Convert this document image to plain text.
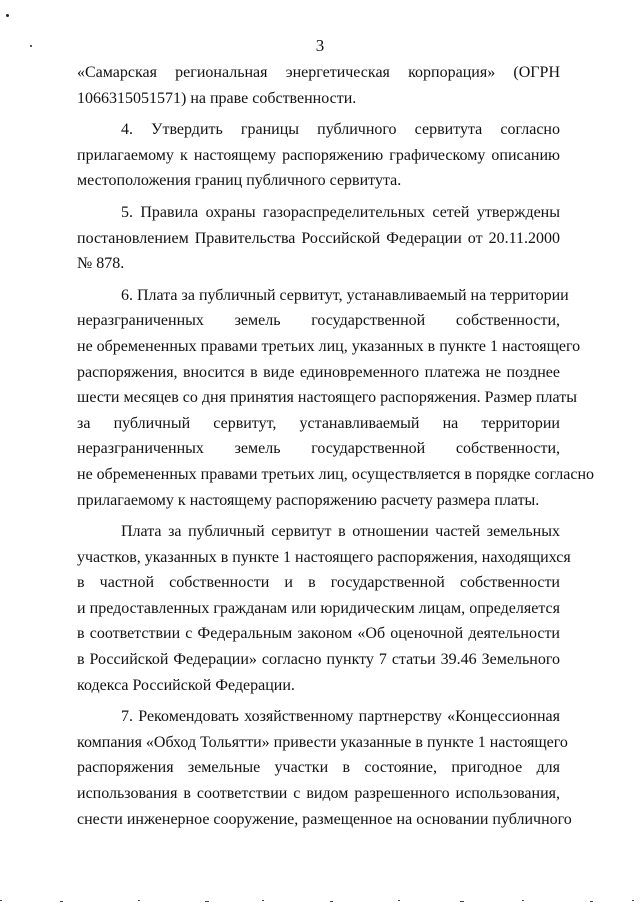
3
«Самарская региональная энергетическая корпорация» (ОГРН
1066315051571) на праве собственности.
4. Утвердить границы публичного сервитута согласно
прилагаемому к настоящему распоряжению графическому описанию
местоположения границ публичного сервитута.
5. Правила охраны газораспределительных сетей утверждены
постановлением Правительства Российской Федерации от 20.11.2000
№ 878.
6. Плата за публичный сервитут, устанавливаемый на территории
неразграниченных земель государственной собственности,
не обремененных правами третьих лиц, указанных в пункте 1 настоящего
распоряжения, вносится в виде единовременного платежа не позднее
шести месяцев со дня принятия настоящего распоряжения. Размер платы
за публичный сервитут, устанавливаемый на территории
неразграниченных земель государственной собственности,
не обремененных правами третьих лиц, осуществляется в порядке согласно
прилагаемому к настоящему распоряжению расчету размера платы.
Плата за публичный сервитут в отношении частей земельных
участков, указанных в пункте 1 настоящего распоряжения, находящихся
в частной собственности и в государственной собственности
и предоставленных гражданам или юридическим лицам, определяется
в соответствии с Федеральным законом «Об оценочной деятельности
в Российской Федерации» согласно пункту 7 статьи 39.46 Земельного
кодекса Российской Федерации.
7. Рекомендовать хозяйственному партнерству «Концессионная
компания «Обход Тольятти» привести указанные в пункте 1 настоящего
распоряжения земельные участки в состояние, пригодное для
использования в соответствии с видом разрешенного использования,
снести инженерное сооружение, размещенное на основании публичного
